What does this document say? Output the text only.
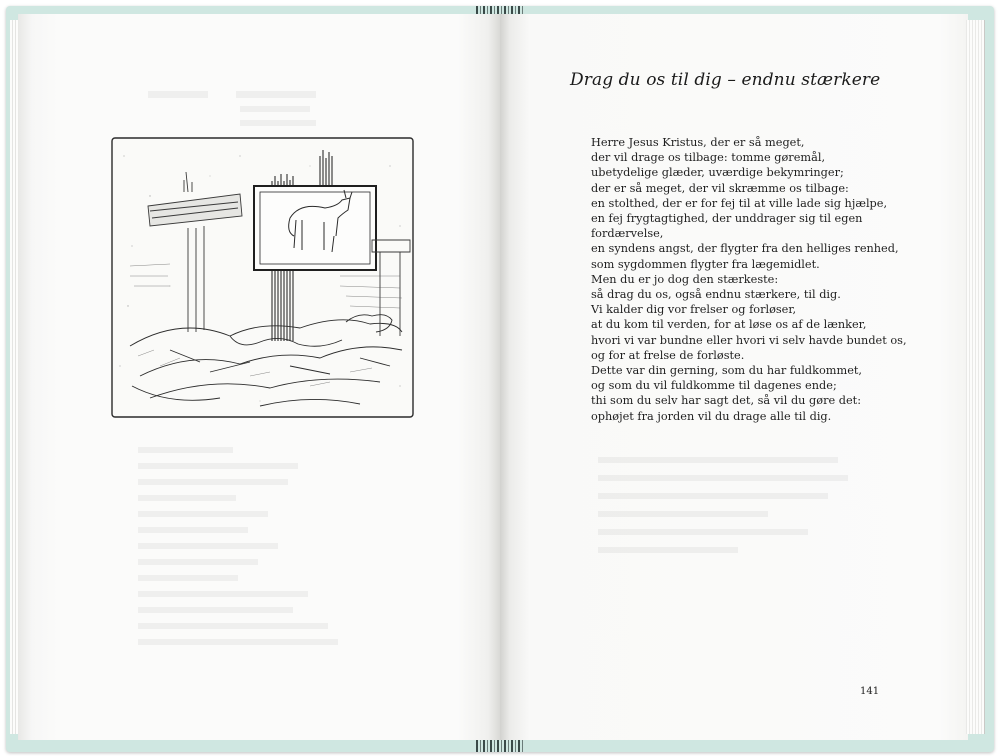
Drag du os til dig – endnu stærkere
Herre Jesus Kristus, der er så meget,
der vil drage os tilbage: tomme gøremål,
ubetydelige glæder, uværdige bekymringer;
der er så meget, der vil skræmme os tilbage:
en stolthed, der er for fej til at ville lade sig hjælpe,
en fej frygtagtighed, der unddrager sig til egen
fordærvelse,
en syndens angst, der flygter fra den helliges renhed,
som sygdommen flygter fra lægemidlet.
Men du er jo dog den stærkeste:
så drag du os, også endnu stærkere, til dig.
Vi kalder dig vor frelser og forløser,
at du kom til verden, for at løse os af de lænker,
hvori vi var bundne eller hvori vi selv havde bundet os,
og for at frelse de forløste.
Dette var din gerning, som du har fuldkommet,
og som du vil fuldkomme til dagenes ende;
thi som du selv har sagt det, så vil du gøre det:
ophøjet fra jorden vil du drage alle til dig.
141
